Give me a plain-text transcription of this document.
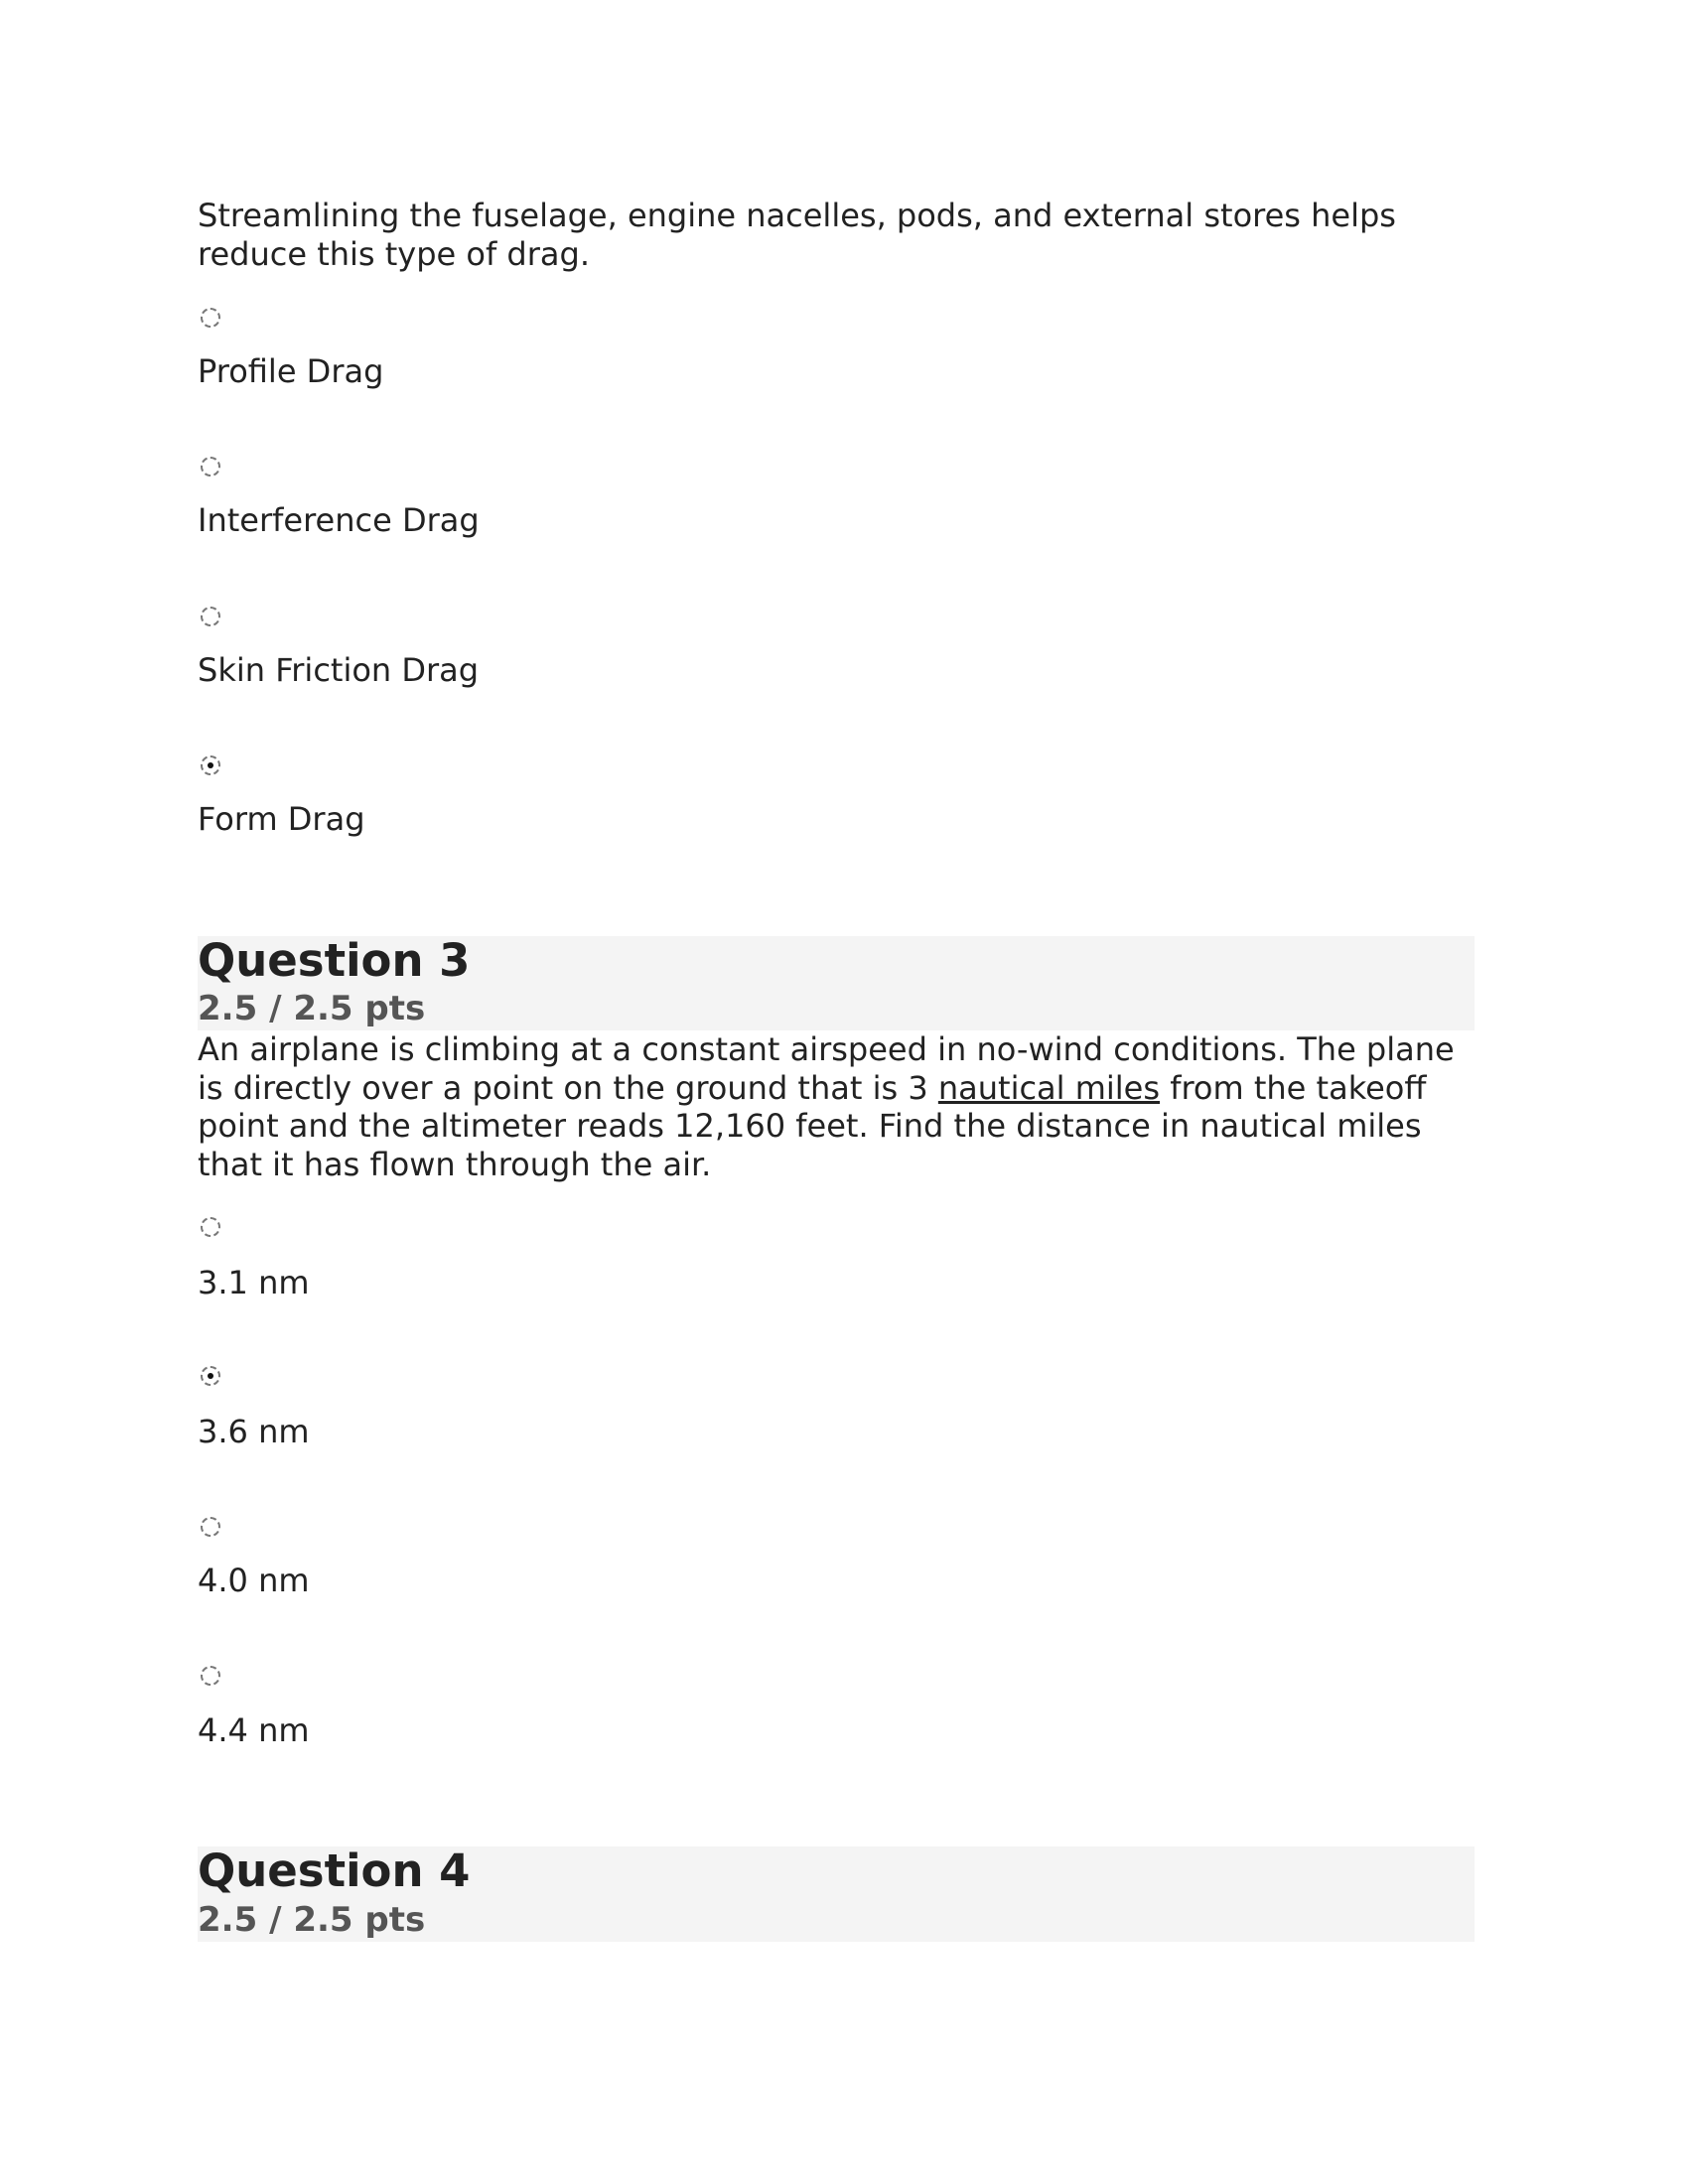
Streamlining the fuselage, engine nacelles, pods, and external stores helps reduce this type of drag.
Profile Drag
Interference Drag
Skin Friction Drag
Form Drag
Question 3
2.5 / 2.5 pts
An airplane is climbing at a constant airspeed in no-wind conditions. The plane is directly over a point on the ground that is 3 nautical miles from the takeoff point and the altimeter reads 12,160 feet. Find the distance in nautical miles that it has flown through the air.
3.1 nm
3.6 nm
4.0 nm
4.4 nm
Question 4
2.5 / 2.5 pts
